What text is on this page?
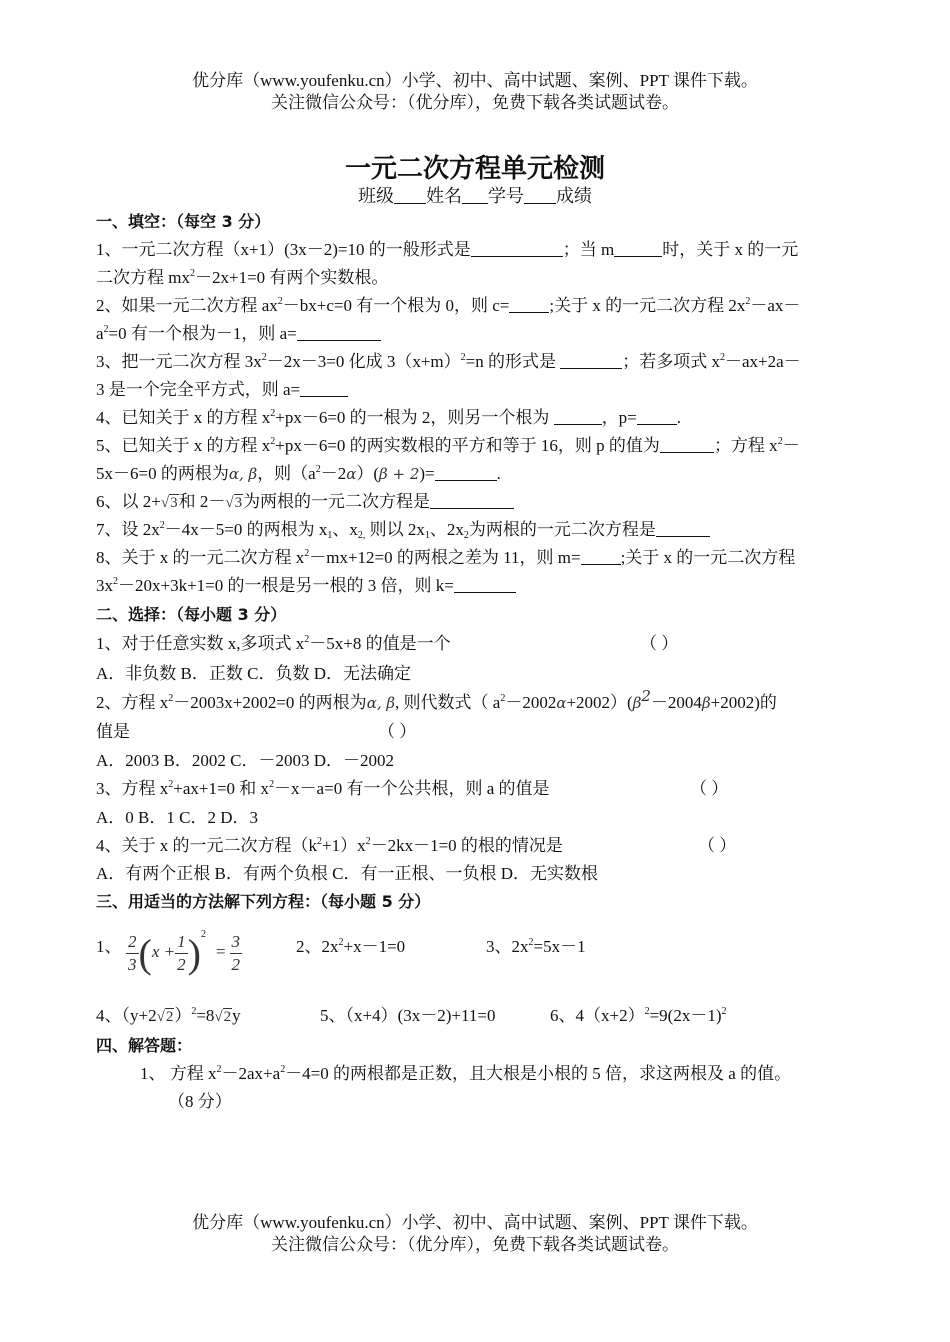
优分库（www.youfenku.cn）小学、初中、高中试题、案例、PPT 课件下载。
关注微信公众号：（优分库），免费下载各类试题试卷。
一元二次方程单元检测
班级 姓名 学号 成绩
一、填空：（每空 3 分）
1、一元二次方程（x+1）(3x－2)=10 的一般形式是	；当 m	时，关于 x 的一元
二次方程 $mx^2-2x+1=0$ 有两个实数根。
2、如果一元二次方程 $ax^2-bx+c=0$ 有一个根为 0，则 c= ;关于 x 的一元二次方程 $2x^2-ax-$
$a^2=0$ 有一个根为－1，则 a=
3、把一元二次方程 $3x^2-2x-3=0$ 化成 $3(x+m)^2=n$ 的形式是	；若多项式 $x^2-ax+2a-$
3 是一个完全平方式，则 a=
4、已知关于 x 的方程 $x^2+px-6=0$ 的一根为 2，则另一个根为	，p= .
5、已知关于 x 的方程 $x^2+px-6=0$ 的两实数根的平方和等于 16，则 p 的值为	；方程 $x^2-$
5x－6=0 的两根为α, β，则$(a^2-2\alpha)(\beta + 2)=$	.
6、以 2+√3和 2－√3为两根的一元二次方程是
7、设 $2x^2-4x-5=0$ 的两根为 $x_1$、$x_{2,}$ 则以 $2x_1$、$2x_2$为两根的一元二次方程是
8、关于 x 的一元二次方程 $x^2-mx+12=0$ 的两根之差为 11，则 m= ;关于 x 的一元二次方程
$3x^2-20x+3k+1=0$ 的一根是另一根的 3 倍，则 k=
二、选择：（每小题 3 分）
1、对于任意实数 x,多项式 $x^2-5x+8$ 的值是一个	（ ）
A．非负数 B．正数 C．负数 D．无法确定
2、方程 $x^2-2003x+2002=0$ 的两根为α, β, 则代数式（ $a^2-2002\alpha+2002)(\beta^2-2004\beta+2002)$的
值是	（ ）
A．2003 B．2002 C．－2003 D．－2002
3、方程 $x^2+ax+1=0$ 和 $x^2-x-a=0$ 有一个公共根，则 a 的值是	（ ）
A．0 B．1 C．2 D．3
4、关于 x 的一元二次方程$(k^2+1)x^2-2kx-1=0$ 的根的情况是	（ ）
A．有两个正根 B．有两个负根 C．有一正根、一负根 D．无实数根
三、用适当的方法解下列方程：（每小题 5 分）
1、 $\frac{2}{3} (x + \frac{1}{2} )^2= \frac{3}{2}$	2、$2x^2+x-1=0$	3、$2x^2=5x-1$
4、$(y+2√2)^2=8√2y$	5、（x+4）(3x－2)+11=0	6、$4(x+2)^2=9(2x-1)^2$
四、解答题：
1、 方程 $x^2-2ax+a^2-4=0$ 的两根都是正数，且大根是小根的 5 倍，求这两根及 a 的值。
（8 分）
优分库（www.youfenku.cn）小学、初中、高中试题、案例、PPT 课件下载。
关注微信公众号：（优分库），免费下载各类试题试卷。
